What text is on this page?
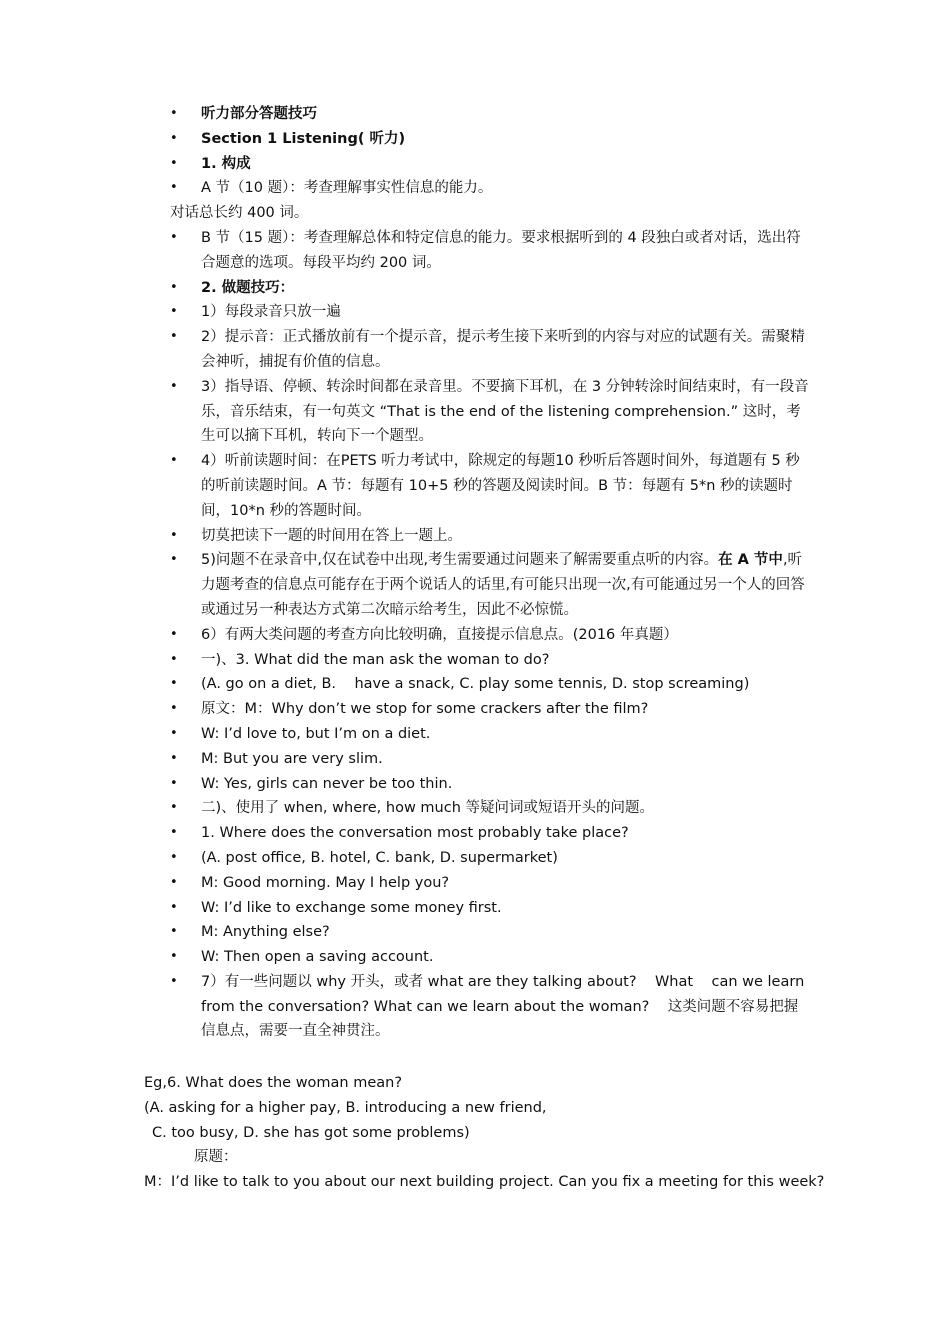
• 听力部分答题技巧
• Section 1 Listening( 听力)
• 1. 构成
• A 节（10 题）：考查理解事实性信息的能力。
对话总长约 400 词。
• B 节（15 题）：考查理解总体和特定信息的能力。要求根据听到的 4 段独白或者对话，选出符合题意的选项。每段平均约 200 词。
• 2. 做题技巧：
• 1）每段录音只放一遍
• 2）提示音：正式播放前有一个提示音，提示考生接下来听到的内容与对应的试题有关。需聚精会神听，捕捉有价值的信息。
• 3）指导语、停顿、转涂时间都在录音里。不要摘下耳机，在 3 分钟转涂时间结束时，有一段音乐，音乐结束，有一句英文 “That is the end of the listening comprehension.” 这时，考生可以摘下耳机，转向下一个题型。
• 4）听前读题时间：在PETS 听力考试中，除规定的每题10 秒听后答题时间外，每道题有 5 秒的听前读题时间。A 节：每题有 10+5 秒的答题及阅读时间。B 节：每题有 5*n 秒的读题时间，10*n 秒的答题时间。
• 切莫把读下一题的时间用在答上一题上。
• 5)问题不在录音中,仅在试卷中出现,考生需要通过问题来了解需要重点听的内容。在 A 节中,听力题考查的信息点可能存在于两个说话人的话里,有可能只出现一次,有可能通过另一个人的回答或通过另一种表达方式第二次暗示给考生，因此不必惊慌。
• 6）有两大类问题的考查方向比较明确，直接提示信息点。(2016 年真题）
• 一)、3. What did the man ask the woman to do?
• (A. go on a diet, B.    have a snack, C. play some tennis, D. stop screaming)
• 原文：M：Why don’t we stop for some crackers after the film?
• W: I’d love to, but I’m on a diet.
• M: But you are very slim.
• W: Yes, girls can never be too thin.
• 二)、使用了 when, where, how much 等疑问词或短语开头的问题。
• 1. Where does the conversation most probably take place?
• (A. post office, B. hotel, C. bank, D. supermarket)
• M: Good morning. May I help you?
• W: I’d like to exchange some money first.
• M: Anything else?
• W: Then open a saving account.
• 7）有一些问题以 why 开头，或者 what are they talking about?    What    can we learn from the conversation? What can we learn about the woman?    这类问题不容易把握信息点，需要一直全神贯注。
Eg,6. What does the woman mean?
(A. asking for a higher pay, B. introducing a new friend,
C. too busy, D. she has got some problems)
原题：
M：I’d like to talk to you about our next building project. Can you fix a meeting for this week?
